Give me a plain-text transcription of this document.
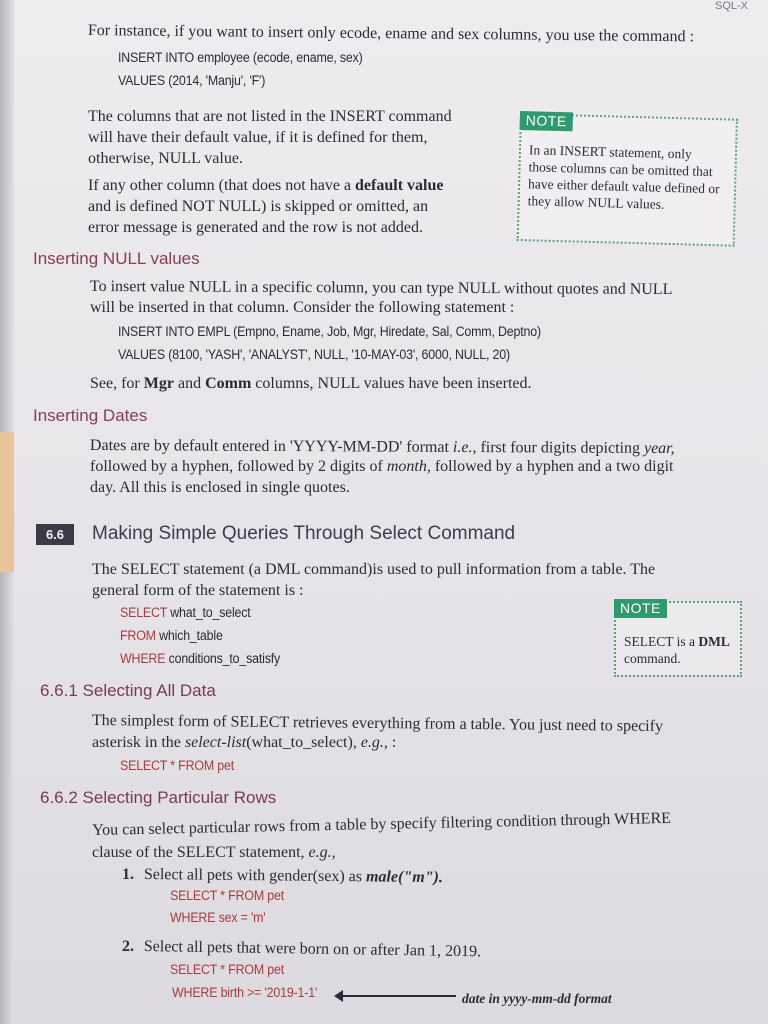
SQL-X
For instance, if you want to insert only ecode, ename and sex columns, you use the command :
INSERT INTO employee (ecode, ename, sex)
VALUES (2014, 'Manju', 'F')
The columns that are not listed in the INSERT command
will have their default value, if it is defined for them,
otherwise, NULL value.
If any other column (that does not have a default value
and is defined NOT NULL) is skipped or omitted, an
error message is generated and the row is not added.
NOTE
In an INSERT statement, only
those columns can be omitted that
have either default value defined or
they allow NULL values.
Inserting NULL values
To insert value NULL in a specific column, you can type NULL without quotes and NULL
will be inserted in that column. Consider the following statement :
INSERT INTO EMPL (Empno, Ename, Job, Mgr, Hiredate, Sal, Comm, Deptno)
VALUES (8100, 'YASH', 'ANALYST', NULL, '10-MAY-03', 6000, NULL, 20)
See, for Mgr and Comm columns, NULL values have been inserted.
Inserting Dates
Dates are by default entered in 'YYYY-MM-DD' format i.e., first four digits depicting year,
followed by a hyphen, followed by 2 digits of month, followed by a hyphen and a two digit
day. All this is enclosed in single quotes.
6.6	Making Simple Queries Through Select Command
The SELECT statement (a DML command)is used to pull information from a table. The
general form of the statement is :
SELECT what_to_select
FROM which_table
WHERE conditions_to_satisfy
NOTE
SELECT is a DML
command.
6.6.1 Selecting All Data
The simplest form of SELECT retrieves everything from a table. You just need to specify
asterisk in the select-list(what_to_select), e.g., :
SELECT * FROM pet
6.6.2 Selecting Particular Rows
You can select particular rows from a table by specify filtering condition through WHERE
clause of the SELECT statement, e.g.,
1. Select all pets with gender(sex) as male("m").
SELECT * FROM pet
WHERE sex = 'm'
2. Select all pets that were born on or after Jan 1, 2019.
SELECT * FROM pet
WHERE birth >= '2019-1-1'	date in yyyy-mm-dd format
